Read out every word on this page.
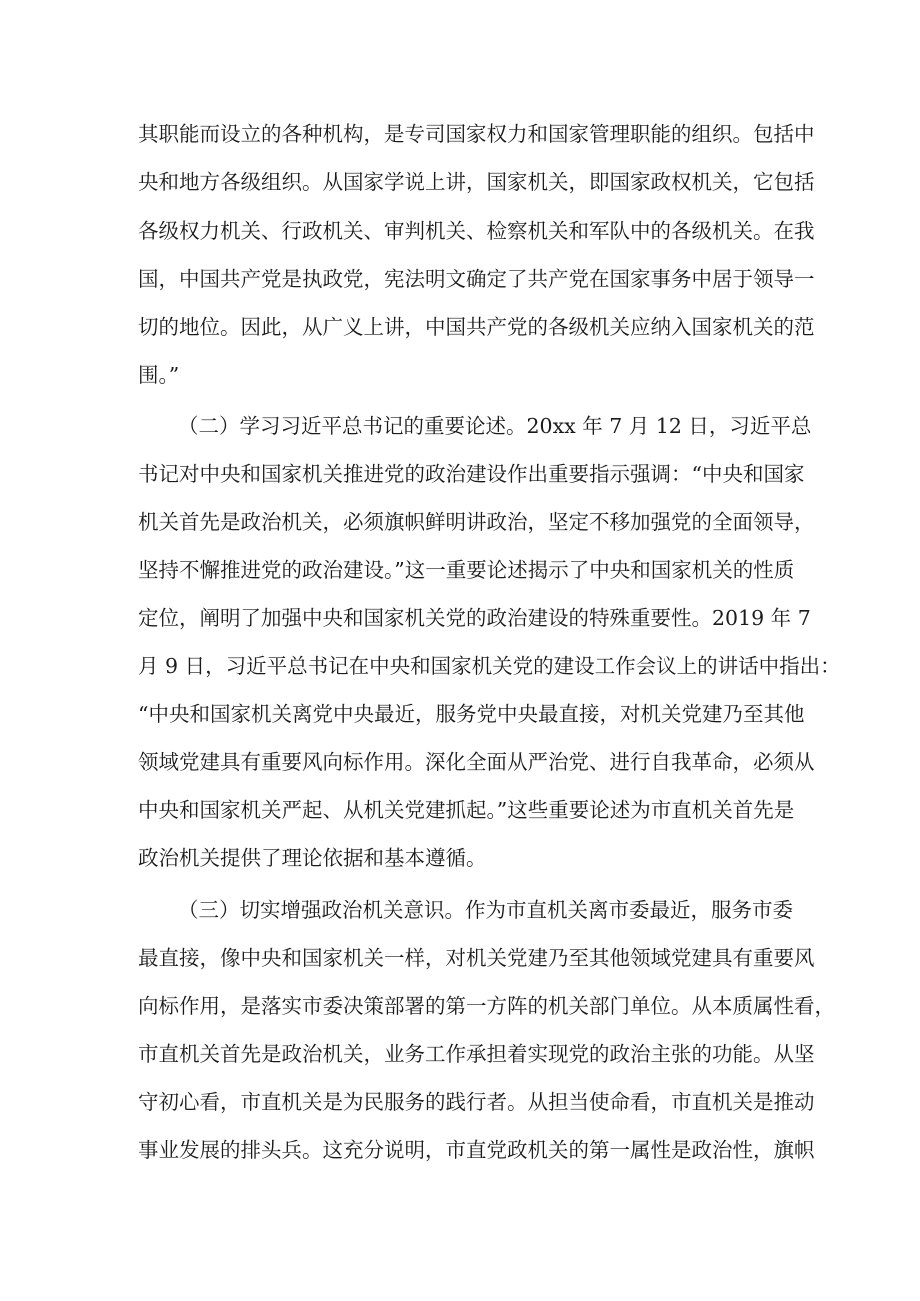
其职能而设立的各种机构，是专司国家权力和国家管理职能的组织。包括中
央和地方各级组织。从国家学说上讲，国家机关，即国家政权机关，它包括
各级权力机关、行政机关、审判机关、检察机关和军队中的各级机关。在我
国，中国共产党是执政党，宪法明文确定了共产党在国家事务中居于领导一
切的地位。因此，从广义上讲，中国共产党的各级机关应纳入国家机关的范
围。”
（二）学习习近平总书记的重要论述。20xx 年 7 月 12 日，习近平总
书记对中央和国家机关推进党的政治建设作出重要指示强调：“中央和国家
机关首先是政治机关，必须旗帜鲜明讲政治，坚定不移加强党的全面领导，
坚持不懈推进党的政治建设。”这一重要论述揭示了中央和国家机关的性质
定位，阐明了加强中央和国家机关党的政治建设的特殊重要性。2019 年 7
月 9 日，习近平总书记在中央和国家机关党的建设工作会议上的讲话中指出：
“中央和国家机关离党中央最近，服务党中央最直接，对机关党建乃至其他
领域党建具有重要风向标作用。深化全面从严治党、进行自我革命，必须从
中央和国家机关严起、从机关党建抓起。”这些重要论述为市直机关首先是
政治机关提供了理论依据和基本遵循。
（三）切实增强政治机关意识。作为市直机关离市委最近，服务市委
最直接，像中央和国家机关一样，对机关党建乃至其他领域党建具有重要风
向标作用，是落实市委决策部署的第一方阵的机关部门单位。从本质属性看，
市直机关首先是政治机关，业务工作承担着实现党的政治主张的功能。从坚
守初心看，市直机关是为民服务的践行者。从担当使命看，市直机关是推动
事业发展的排头兵。这充分说明，市直党政机关的第一属性是政治性，旗帜
